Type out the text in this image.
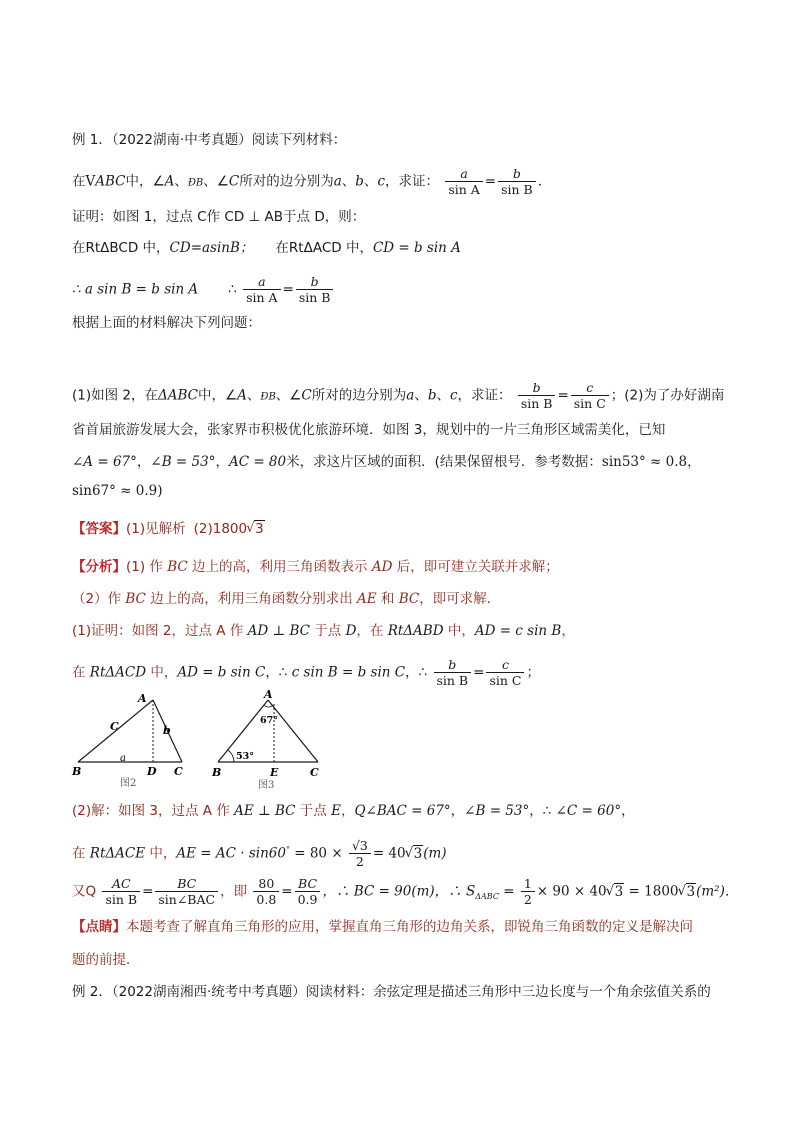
例 1．（2022湖南·中考真题）阅读下列材料：
在VABC中，∠A、ÐB、∠C所对的边分别为a、b、c，求证： $\frac{a}{\text{sin A}} = \frac{b}{\text{sin B}}$ ．
证明：如图 1，过点 C作 CD ⊥ AB于点 D，则：
在RtΔBCD 中，CD=asinB； 在RtΔACD 中，CD = b sin A
∴ a sin B = b sin A ∴ $\frac{a}{\text{sin A}} = \frac{b}{\text{sin B}}$
根据上面的材料解决下列问题：
(1)如图 2，在ΔABC中，∠A、ÐB、∠C所对的边分别为a、b、c，求证： $\frac{b}{\text{sin B}} = \frac{c}{\text{sin C}}$ ；(2)为了办好湖南
省首届旅游发展大会，张家界市积极优化旅游环境．如图 3，规划中的一片三角形区域需美化，已知
∠A = 67°，∠B = 53°，AC = 80米，求这片区域的面积．(结果保留根号．参考数据：sin53° ≈ 0.8，
sin67° ≈ 0.9)
【答案】(1)见解析 (2)1800√ 3
【分析】(1) 作 BC 边上的高，利用三角函数表示 AD 后，即可建立关联并求解；
（2）作 BC 边上的高，利用三角函数分别求出 AE 和 BC，即可求解．
(1)证明：如图 2，过点 A 作 AD ⊥ BC 于点 D，在 RtΔABD 中，AD = c sin B，
在 RtΔACD 中，AD = b sin C，∴ c sin B = b sin C，∴ $\frac{b}{\text{sin B}} = \frac{c}{\text{sin C}}$ ；
A
B	C
D
C	b
a
图2
A
67°
53°
B	C
E
图3
(2)解：如图 3，过点 A 作 AE ⊥ BC 于点 E，Q∠BAC = 67°，∠B = 53°，∴ ∠C = 60°，
在 RtΔACE 中，AE = AC · $\sin 60^\circ = 80 \times \frac{√3}{2} = 40√$ 3(m)
又Q $\frac{AC}{\text{sin B}} = \frac{BC}{\text{sin∠BAC}}$ ，即 $\frac{80}{0.8} = \frac{BC}{0.9}$ ，∴ BC = 90(m)，∴ $S_{\Delta ABC} = \frac{1}{2} \times 90 \times 40√$ 3 = 1800√ 3(m²)．
【点睛】本题考查了解直角三角形的应用，掌握直角三角形的边角关系，即锐角三角函数的定义是解决问
题的前提．
例 2．（2022湖南湘西·统考中考真题）阅读材料：余弦定理是描述三角形中三边长度与一个角余弦值关系的
